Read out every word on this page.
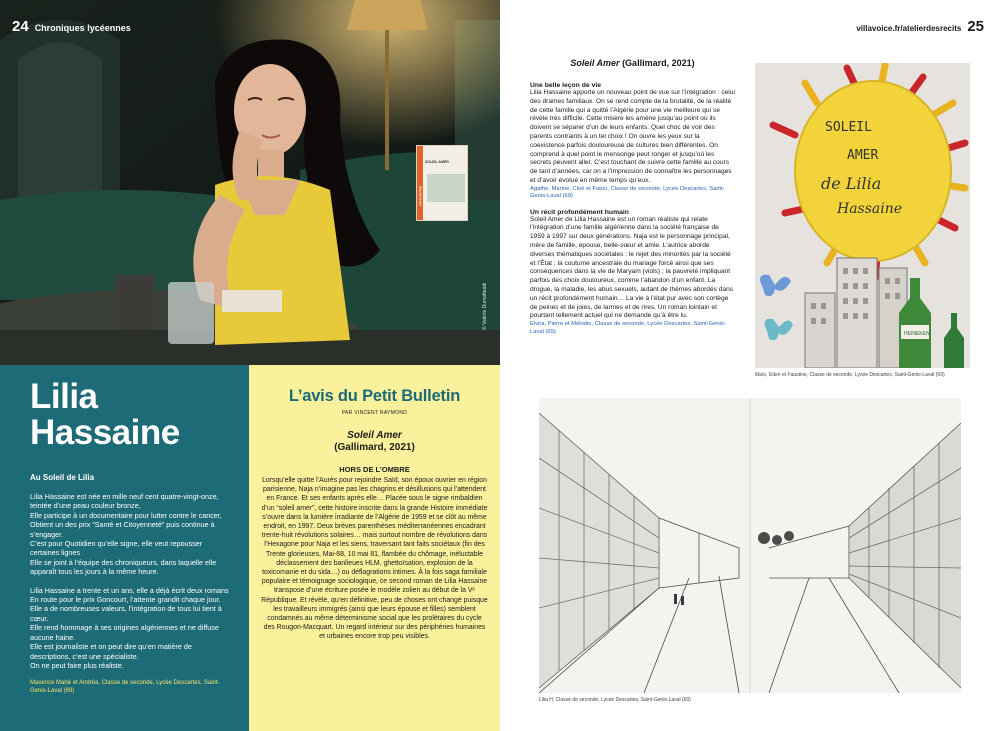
24 Chroniques lycéennes
© Valérie Dumatteatti
SOLEIL AMER
HASSAINE
Lilia
Hassaine
Au Soleil de Lilia

Lilia Hassaine est née en mille neuf cent quatre-vingt-onze, teintée d’une peau couleur bronze,

Elle participe à un documentaire pour lutter contre le cancer,

Obtient un des prix “Santé et Citoyenneté” puis continue à s’engager.

C’est pour Quotidien qu’elle signe, elle veut repousser certaines lignes

Elle se joint à l’équipe des chroniqueurs, dans laquelle elle apparaît tous les jours à la même heure.

Lilia Hassaine a trente et un ans, elle a déjà écrit deux romans

En route pour le prix Goncourt, l’attente grandit chaque jour.

Elle a de nombreuses valeurs, l’intégration de tous lui tient à cœur.

Elle rend hommage à ses origines algériennes et ne diffuse aucune haine.

Elle est journaliste et on peut dire qu’en matière de descriptions, c’est une spécialiste.

On ne peut faire plus réaliste.

Maxence Mahé et Andréa, Classe de seconde, Lycée Descartes, Saint-Genis-Laval (69)
L’avis du Petit Bulletin
PAR VINCENT RAYMOND
Soleil Amer
(Gallimard, 2021)
HORS DE L’OMBRE
Lorsqu’elle quitte l’Aurès pour rejoindre Saïd, son époux ouvrier en région parisienne, Naja n’imagine pas les chagrins et désillusions qui l’attendent en France. Et ses enfants après elle… Placée sous le signe rimbaldien d’un “soleil amer”, cette histoire inscrite dans la grande Histoire immédiate s’ouvre dans la lumière irradiante de l’Algérie de 1959 et se clôt au même endroit, en 1997. Deux brèves parenthèses méditerranéennes encadrant trente-huit révolutions solaires… mais surtout nombre de révolutions dans l’Hexagone pour Naja et les siens, traversant tant faits sociétaux (fin des Trente glorieuses, Mai-68, 10 mai 81, flambée du chômage, inéluctable déclassement des banlieues HLM, ghettoïsation, explosion de la toxicomanie et du sida…) ou déflagrations intimes. À la fois saga familiale populaire et témoignage sociologique, ce second roman de Lilia Hassaine transpose d’une écriture posée le modèle zolien au début de la Vᵉ République. Et révèle, qu’en définitive, peu de choses ont changé puisque les travailleurs immigrés (ainsi que leurs épouse et filles) semblent condamnés au même déterminisme social que les prolétaires du cycle des Rougon-Macquart. Un regard intérieur sur des périphéries humaines et urbaines encore trop peu visibles.
villavoice.fr/atelierdesrecits 25
Soleil Amer (Gallimard, 2021)
Une belle leçon de vie
Lilia Hassaine apporte un nouveau point de vue sur l’intégration : celui des drames familiaux. On se rend compte de la brutalité, de la réalité de cette famille qui a quitté l’Algérie pour une vie meilleure qui se révèle très difficile. Cette misère les amène jusqu’au point où ils doivent se séparer d’un de leurs enfants. Quel choc de voir des parents contraints à un tel choix ! On ouvre les yeux sur la coexistence parfois douloureuse de cultures bien différentes. On comprend à quel point le mensonge peut ronger et jusqu’où les secrets peuvent aller. C’est touchant de suivre cette famille au cours de tant d’années, car on a l’impression de connaître les personnages et d’avoir évolué en même temps qu’eux.
Agathe, Marine, Cloé et Fatou, Classe de seconde, Lycée Descartes, Saint-Genis-Laval (69)
Un récit profondément humain
Soleil Amer de Lilia Hassaine est un roman réaliste qui relate l’intégration d’une famille algérienne dans la société française de 1959 à 1997 sur deux générations. Naja est le personnage principal, mère de famille, épouse, belle-sœur et amie. L’autrice aborde diverses thématiques sociétales : le rejet des minorités par la société et l’État ; la coutume ancestrale du mariage forcé ainsi que ses conséquences dans la vie de Maryam (viols) ; la pauvreté impliquant parfois des choix douloureux, comme l’abandon d’un enfant. La drogue, la maladie, les abus sexuels, autant de thèmes abordés dans un récit profondément humain… La vie à l’état pur avec son cortège de peines et de joies, de larmes et de rires. Un roman lointain et pourtant tellement actuel qui ne demande qu’à être lu.
Elvira, Pierre et Mélodie, Classe de seconde, Lycée Descartes, Saint-Genis-Laval (69)
SOLEIL
AMER
de Lilia
Hassaine
HEINEKEN
Maïo, Eden et Faustine, Classe de seconde, Lycée Descartes, Saint-Genis-Laval (69)
Lilia H, Classe de seconde, Lycée Descartes, Saint-Genis-Laval (69)
